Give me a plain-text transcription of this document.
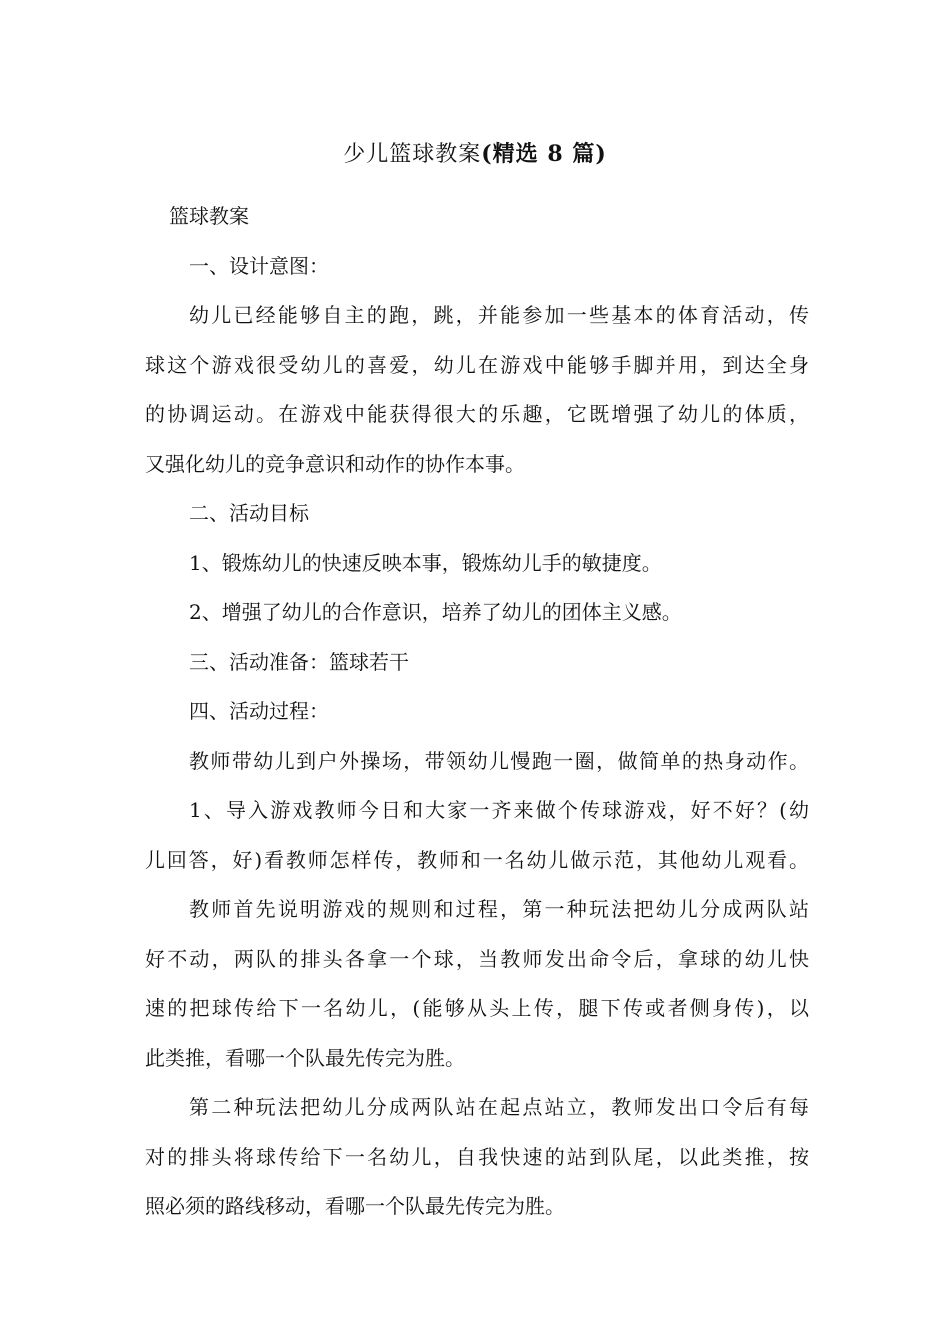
少儿篮球教案(精选 8 篇)
篮球教案
一、设计意图：
幼儿已经能够自主的跑，跳，并能参加一些基本的体育活动，传
球这个游戏很受幼儿的喜爱，幼儿在游戏中能够手脚并用，到达全身
的协调运动。在游戏中能获得很大的乐趣，它既增强了幼儿的体质，
又强化幼儿的竞争意识和动作的协作本事。
二、活动目标
1、锻炼幼儿的快速反映本事，锻炼幼儿手的敏捷度。
2、增强了幼儿的合作意识，培养了幼儿的团体主义感。
三、活动准备：篮球若干
四、活动过程：
教师带幼儿到户外操场，带领幼儿慢跑一圈，做简单的热身动作。
1、导入游戏教师今日和大家一齐来做个传球游戏，好不好？(幼
儿回答，好)看教师怎样传，教师和一名幼儿做示范，其他幼儿观看。
教师首先说明游戏的规则和过程，第一种玩法把幼儿分成两队站
好不动，两队的排头各拿一个球，当教师发出命令后，拿球的幼儿快
速的把球传给下一名幼儿，(能够从头上传，腿下传或者侧身传)，以
此类推，看哪一个队最先传完为胜。
第二种玩法把幼儿分成两队站在起点站立，教师发出口令后有每
对的排头将球传给下一名幼儿，自我快速的站到队尾，以此类推，按
照必须的路线移动，看哪一个队最先传完为胜。
